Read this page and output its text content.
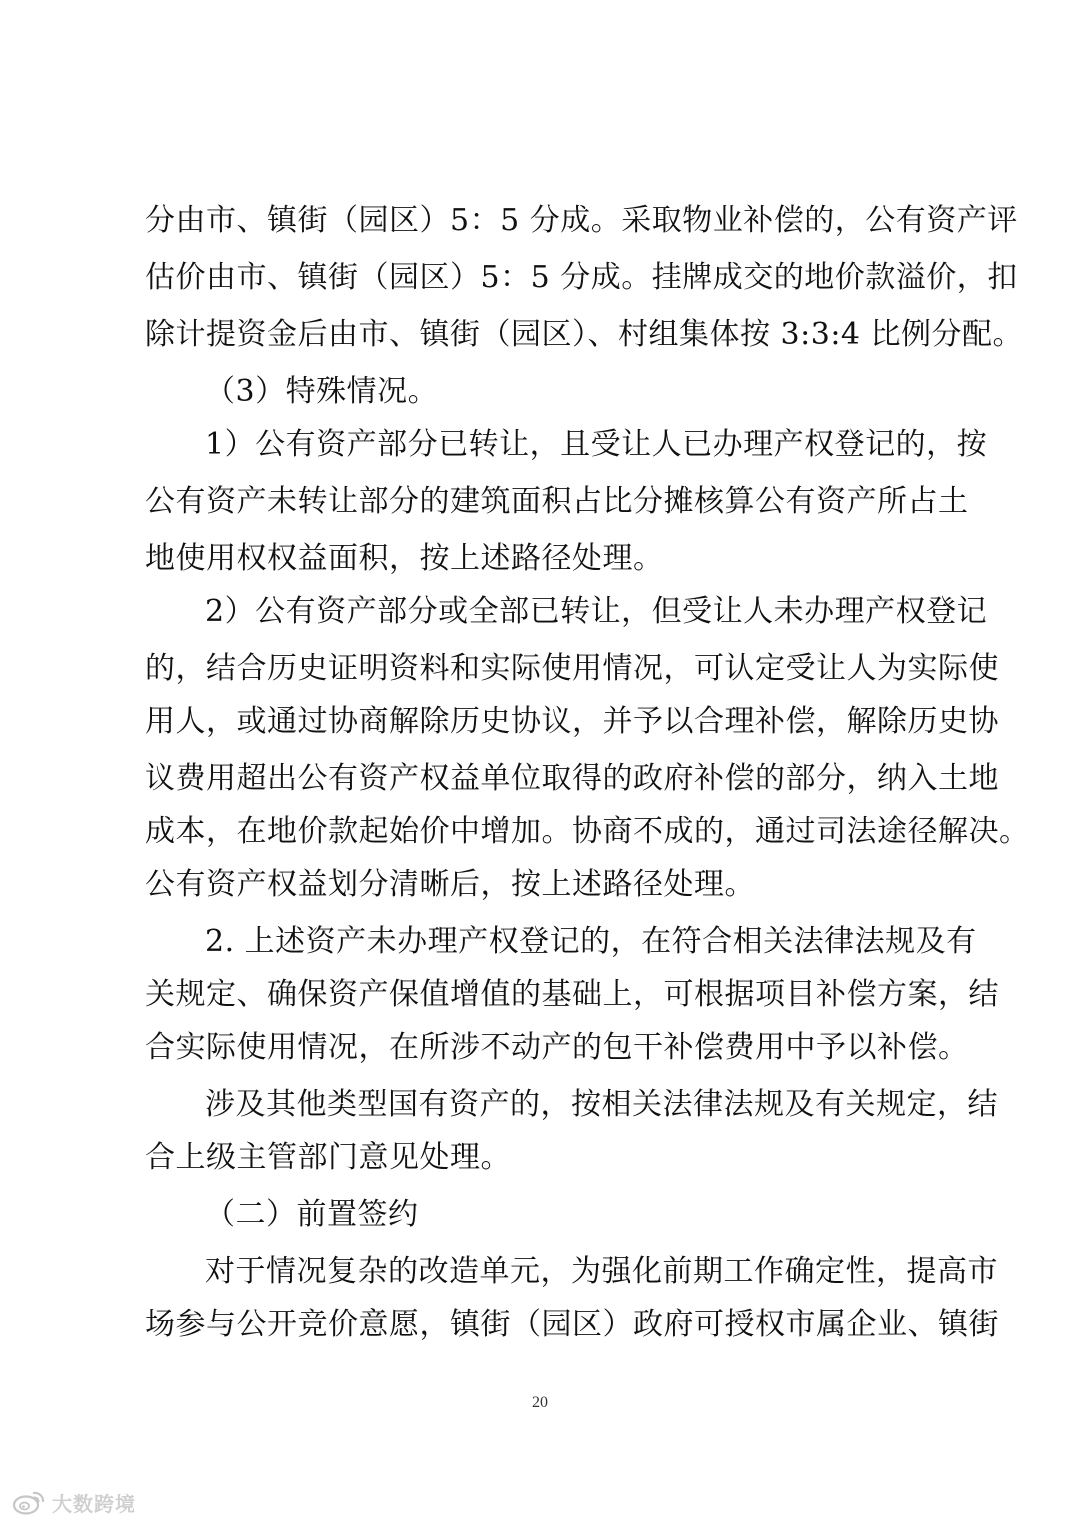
分由市、镇街（园区）5：5 分成。采取物业补偿的，公有资产评
估价由市、镇街（园区）5：5 分成。挂牌成交的地价款溢价，扣
除计提资金后由市、镇街（园区）、村组集体按 3:3:4 比例分配。
（3）特殊情况。
1）公有资产部分已转让，且受让人已办理产权登记的，按
公有资产未转让部分的建筑面积占比分摊核算公有资产所占土
地使用权权益面积，按上述路径处理。
2）公有资产部分或全部已转让，但受让人未办理产权登记
的，结合历史证明资料和实际使用情况，可认定受让人为实际使
用人，或通过协商解除历史协议，并予以合理补偿，解除历史协
议费用超出公有资产权益单位取得的政府补偿的部分，纳入土地
成本，在地价款起始价中增加。协商不成的，通过司法途径解决。
公有资产权益划分清晰后，按上述路径处理。
2. 上述资产未办理产权登记的，在符合相关法律法规及有
关规定、确保资产保值增值的基础上，可根据项目补偿方案，结
合实际使用情况，在所涉不动产的包干补偿费用中予以补偿。
涉及其他类型国有资产的，按相关法律法规及有关规定，结
合上级主管部门意见处理。
（二）前置签约
对于情况复杂的改造单元，为强化前期工作确定性，提高市
场参与公开竞价意愿，镇街（园区）政府可授权市属企业、镇街
20
大数跨境
